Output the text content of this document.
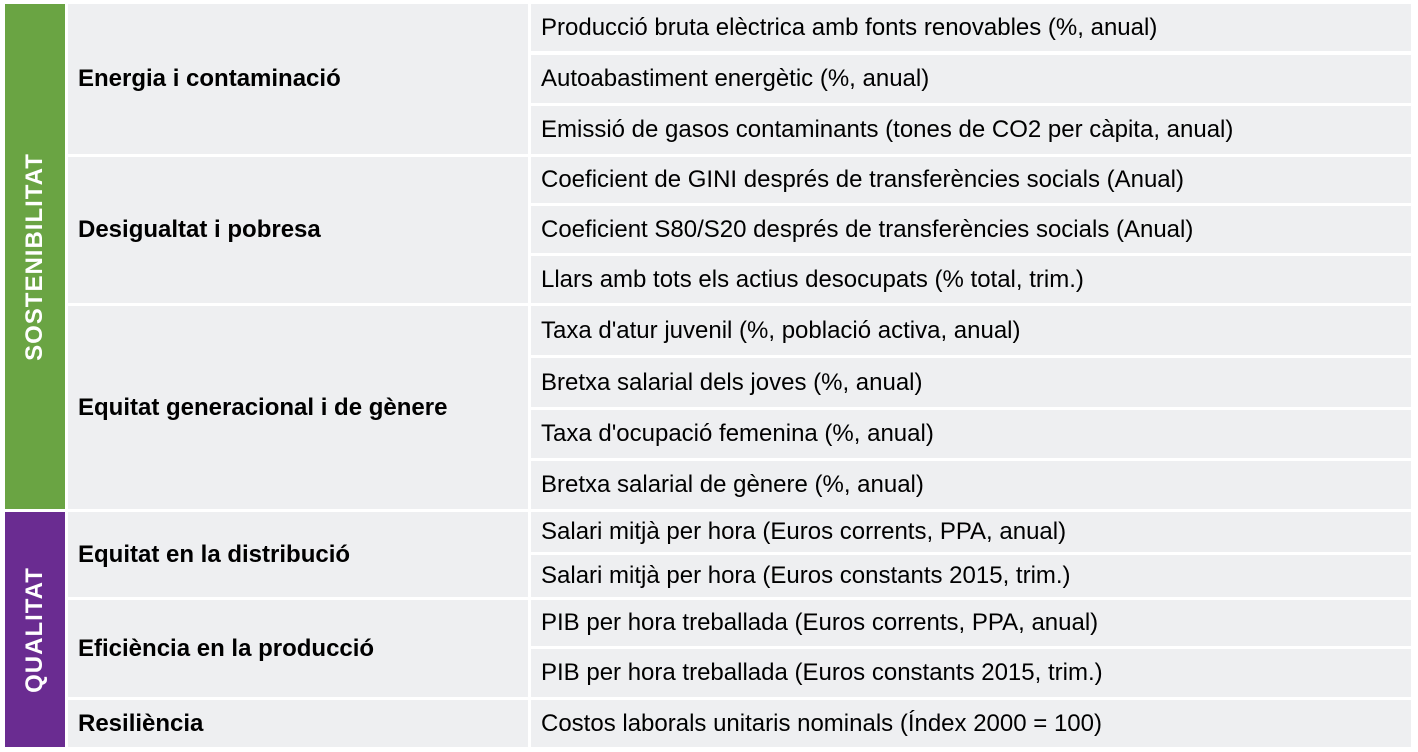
SOSTENIBILITAT
QUALITAT
Energia i contaminació
Desigualtat i pobresa
Equitat generacional i de gènere
Equitat en la distribució
Eficiència en la producció
Resiliència
Producció bruta elèctrica amb fonts renovables (%, anual)
Autoabastiment energètic (%, anual)
Emissió de gasos contaminants (tones de CO2 per càpita, anual)
Coeficient de GINI després de transferències socials (Anual)
Coeficient S80/S20 després de transferències socials (Anual)
Llars amb tots els actius desocupats (% total, trim.)
Taxa d'atur juvenil (%, població activa, anual)
Bretxa salarial dels joves (%, anual)
Taxa d'ocupació femenina (%, anual)
Bretxa salarial de gènere (%, anual)
Salari mitjà per hora (Euros corrents, PPA, anual)
Salari mitjà per hora (Euros constants 2015, trim.)
PIB per hora treballada (Euros corrents, PPA, anual)
PIB per hora treballada (Euros constants 2015, trim.)
Costos laborals unitaris nominals (Índex 2000 = 100)
